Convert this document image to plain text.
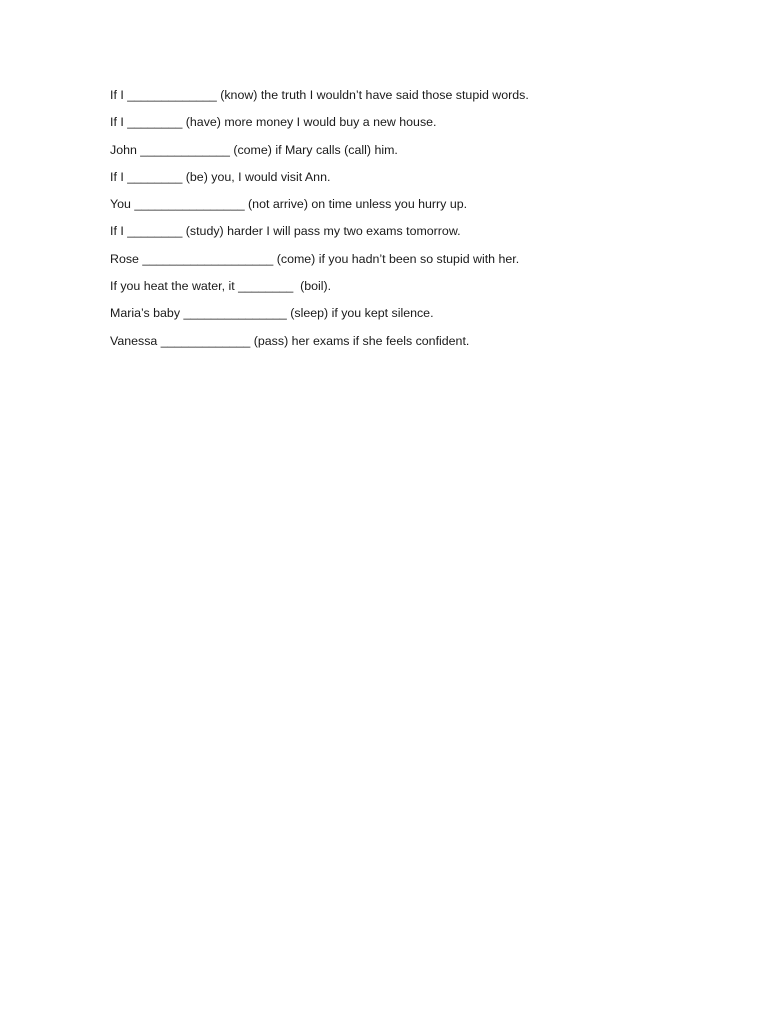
If I _____________ (know) the truth I wouldn’t have said those stupid words.
If I ________ (have) more money I would buy a new house.
John _____________ (come) if Mary calls (call) him.
If I ________ (be) you, I would visit Ann.
You ________________ (not arrive) on time unless you hurry up.
If I ________ (study) harder I will pass my two exams tomorrow.
Rose ___________________ (come) if you hadn’t been so stupid with her.
If you heat the water, it ________  (boil).
Maria’s baby _______________ (sleep) if you kept silence.
Vanessa _____________ (pass) her exams if she feels confident.
